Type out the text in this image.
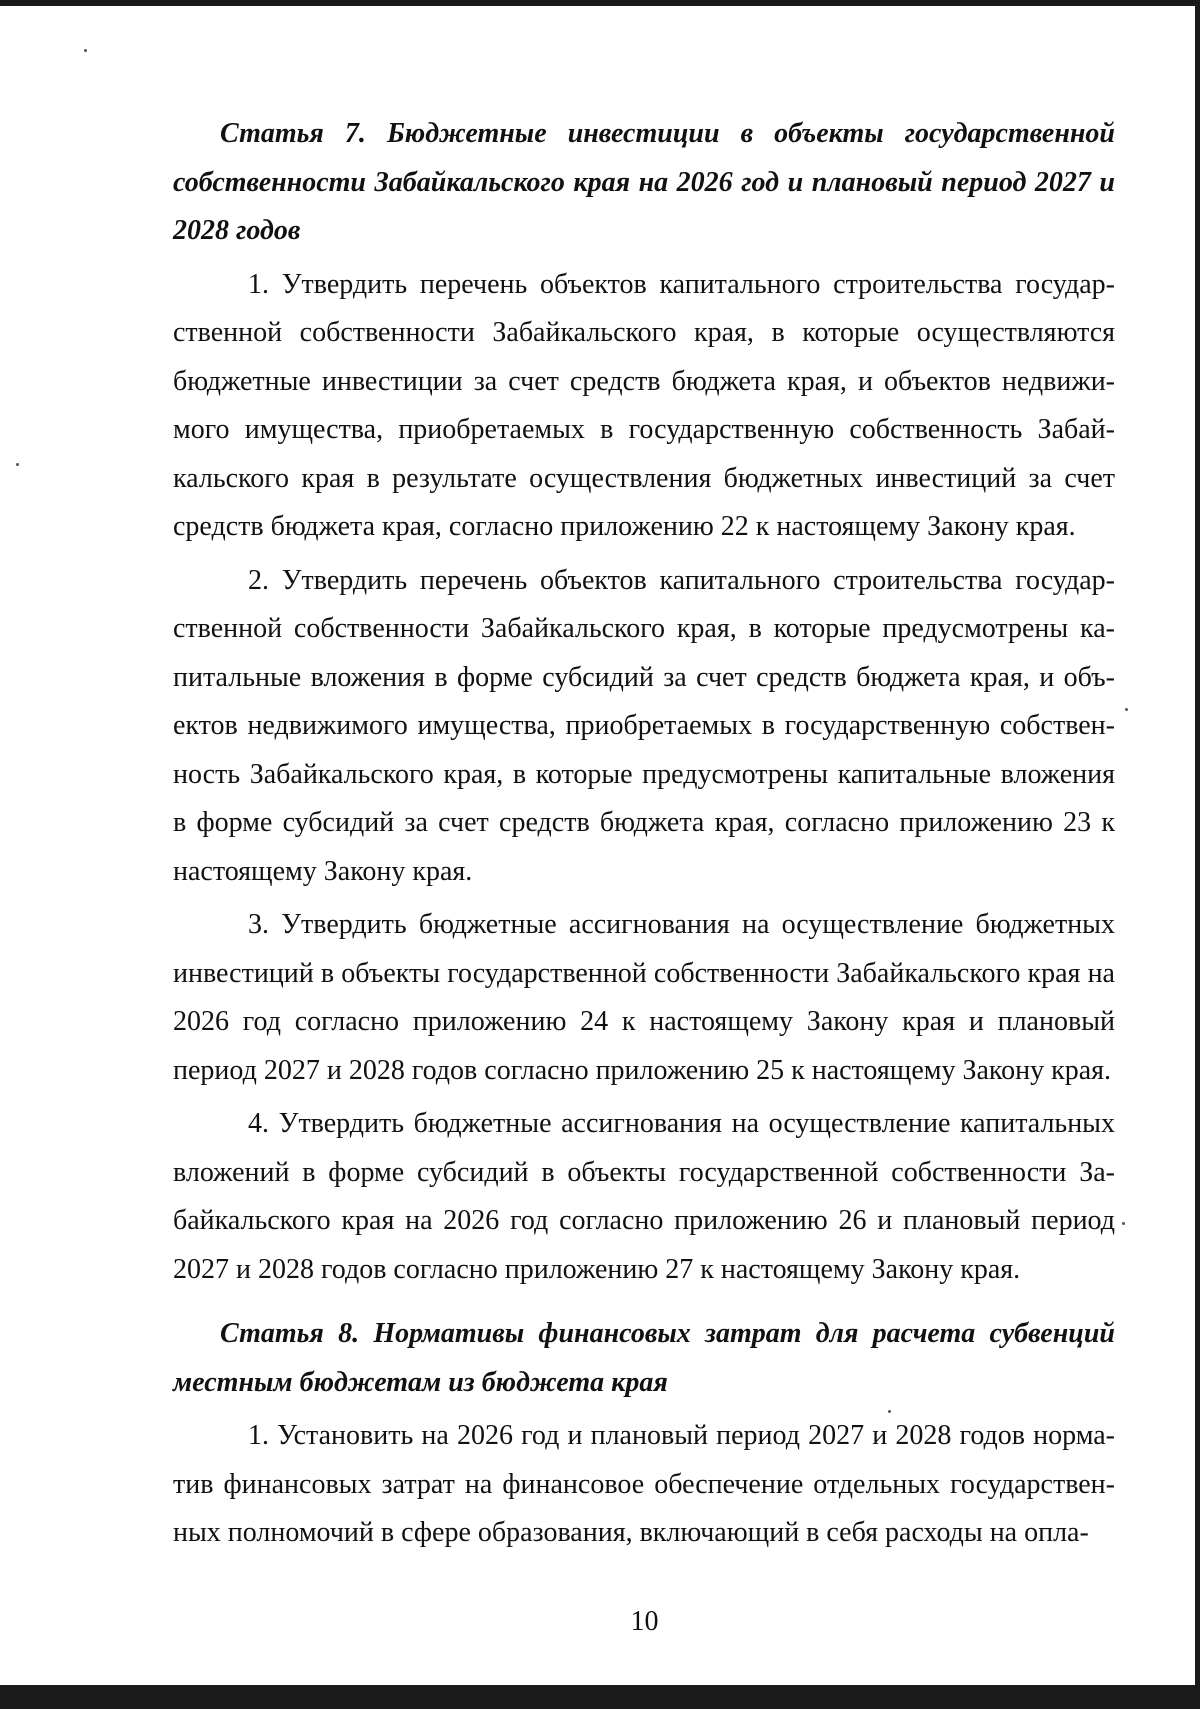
Статья 7. Бюджетные инвестиции в объекты государственной собственности Забайкальского края на 2026 год и плановый период 2027 и 2028 годов

1. Утвердить перечень объектов капитального строительства государственной собственности Забайкальского края, в которые осуществляются бюджетные инвестиции за счет средств бюджета края, и объектов недвижимого имущества, приобретаемых в государственную собственность Забайкальского края в результате осуществления бюджетных инвестиций за счет средств бюджета края, согласно приложению 22 к настоящему Закону края.

2. Утвердить перечень объектов капитального строительства государственной собственности Забайкальского края, в которые предусмотрены капитальные вложения в форме субсидий за счет средств бюджета края, и объектов недвижимого имущества, приобретаемых в государственную собственность Забайкальского края, в которые предусмотрены капитальные вложения в форме субсидий за счет средств бюджета края, согласно приложению 23 к настоящему Закону края.

3. Утвердить бюджетные ассигнования на осуществление бюджетных инвестиций в объекты государственной собственности Забайкальского края на 2026 год согласно приложению 24 к настоящему Закону края и плановый период 2027 и 2028 годов согласно приложению 25 к настоящему Закону края.

4. Утвердить бюджетные ассигнования на осуществление капитальных вложений в форме субсидий в объекты государственной собственности Забайкальского края на 2026 год согласно приложению 26 и плановый период 2027 и 2028 годов согласно приложению 27 к настоящему Закону края.

Статья 8. Нормативы финансовых затрат для расчета субвенций местным бюджетам из бюджета края

1. Установить на 2026 год и плановый период 2027 и 2028 годов норматив финансовых затрат на финансовое обеспечение отдельных государственных полномочий в сфере образования, включающий в себя расходы на опла-

10
